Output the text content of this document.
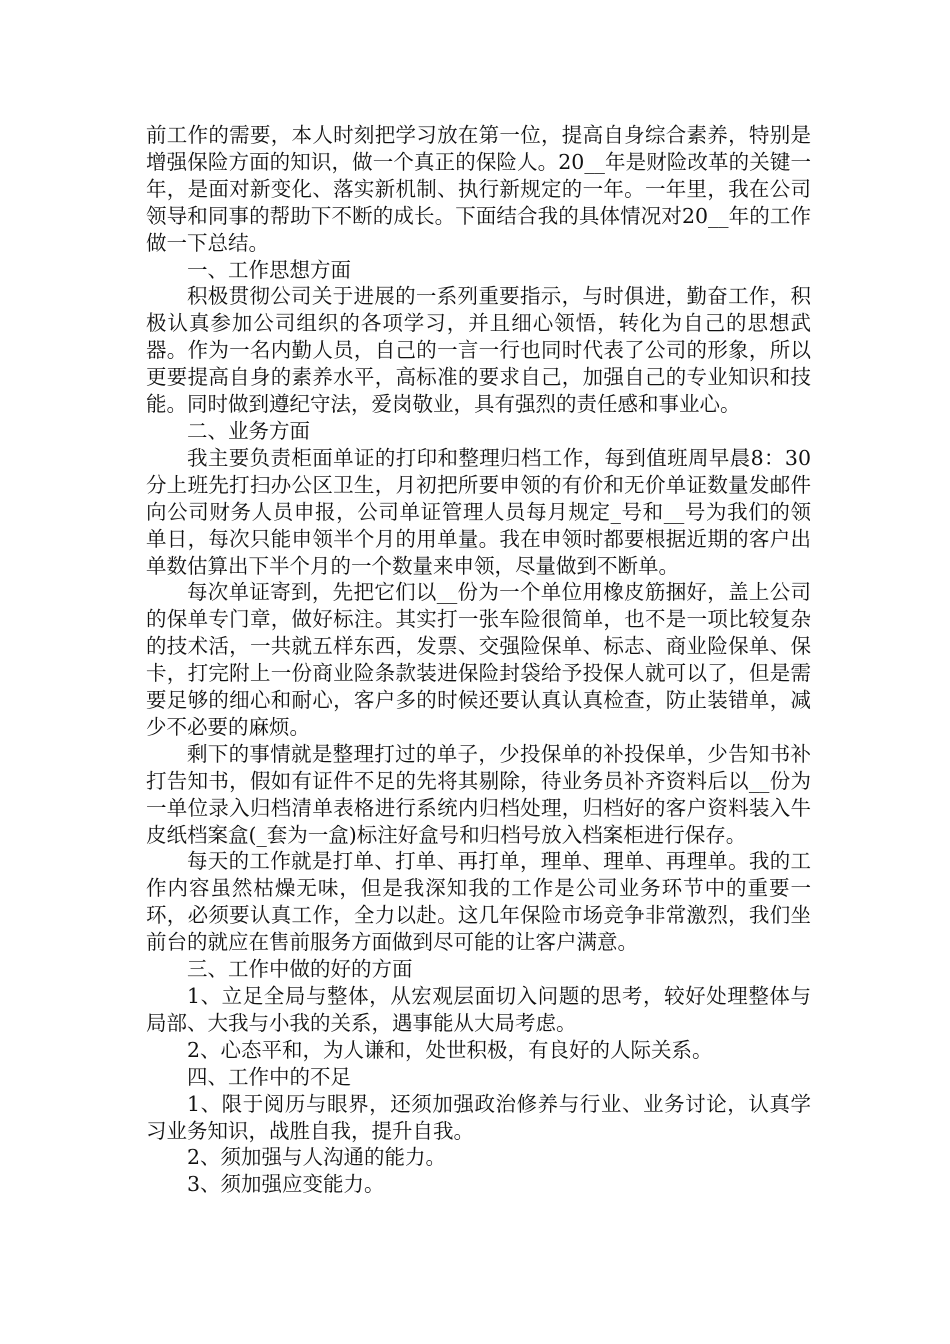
前工作的需要，本人时刻把学习放在第一位，提高自身综合素养，特别是增强保险方面的知识，做一个真正的保险人。20__年是财险改革的关键一年，是面对新变化、落实新机制、执行新规定的一年。一年里，我在公司领导和同事的帮助下不断的成长。下面结合我的具体情况对20__年的工作做一下总结。

一、工作思想方面

积极贯彻公司关于进展的一系列重要指示，与时俱进，勤奋工作，积极认真参加公司组织的各项学习，并且细心领悟，转化为自己的思想武器。作为一名内勤人员，自己的一言一行也同时代表了公司的形象，所以更要提高自身的素养水平，高标准的要求自己，加强自己的专业知识和技能。同时做到遵纪守法，爱岗敬业，具有强烈的责任感和事业心。

二、业务方面

我主要负责柜面单证的打印和整理归档工作，每到值班周早晨8：30分上班先打扫办公区卫生，月初把所要申领的有价和无价单证数量发邮件向公司财务人员申报，公司单证管理人员每月规定_号和__号为我们的领单日，每次只能申领半个月的用单量。我在申领时都要根据近期的客户出单数估算出下半个月的一个数量来申领，尽量做到不断单。

每次单证寄到，先把它们以__份为一个单位用橡皮筋捆好，盖上公司的保单专门章，做好标注。其实打一张车险很简单，也不是一项比较复杂的技术活，一共就五样东西，发票、交强险保单、标志、商业险保单、保卡，打完附上一份商业险条款装进保险封袋给予投保人就可以了，但是需要足够的细心和耐心，客户多的时候还要认真认真检查，防止装错单，减少不必要的麻烦。

剩下的事情就是整理打过的单子，少投保单的补投保单，少告知书补打告知书，假如有证件不足的先将其剔除，待业务员补齐资料后以__份为一单位录入归档清单表格进行系统内归档处理，归档好的客户资料装入牛皮纸档案盒(_套为一盒)标注好盒号和归档号放入档案柜进行保存。

每天的工作就是打单、打单、再打单，理单、理单、再理单。我的工作内容虽然枯燥无味，但是我深知我的工作是公司业务环节中的重要一环，必须要认真工作，全力以赴。这几年保险市场竞争非常激烈，我们坐前台的就应在售前服务方面做到尽可能的让客户满意。

三、工作中做的好的方面

1、立足全局与整体，从宏观层面切入问题的思考，较好处理整体与局部、大我与小我的关系，遇事能从大局考虑。

2、心态平和，为人谦和，处世积极，有良好的人际关系。

四、工作中的不足

1、限于阅历与眼界，还须加强政治修养与行业、业务讨论，认真学习业务知识，战胜自我，提升自我。

2、须加强与人沟通的能力。

3、须加强应变能力。
